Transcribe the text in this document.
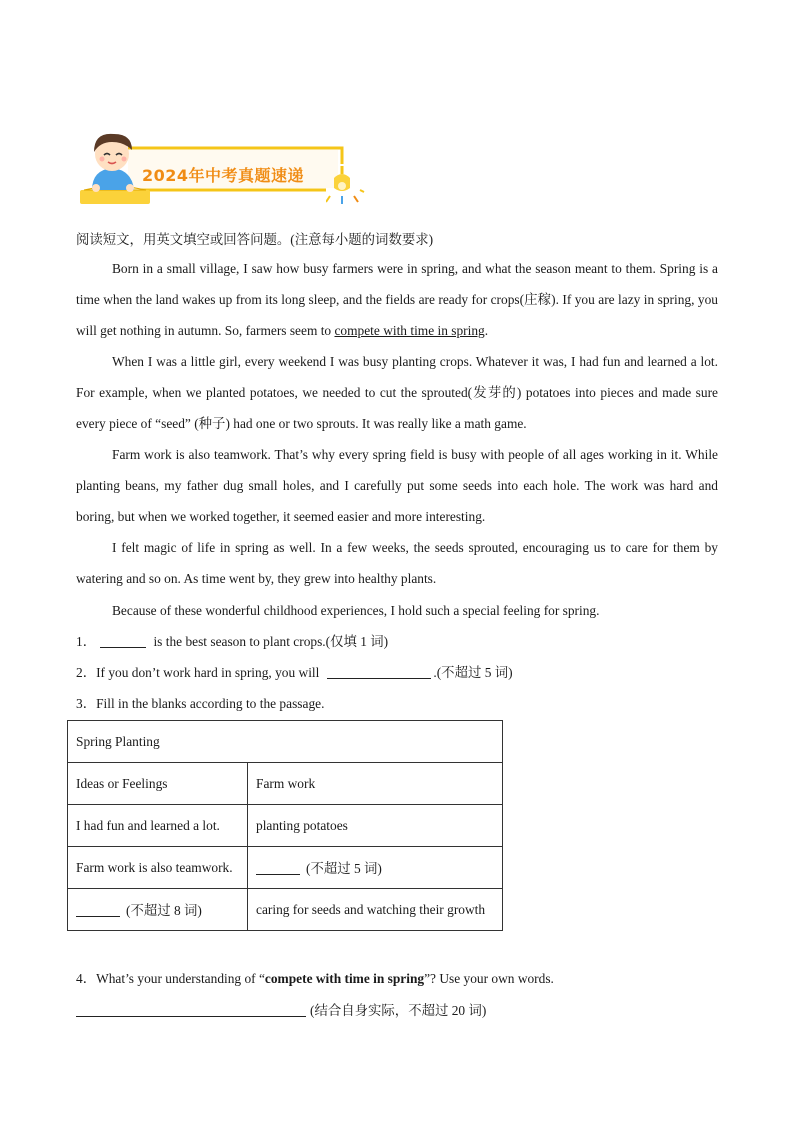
2024年中考真题速递
阅读短文，用英文填空或回答问题。(注意每小题的词数要求)
Born in a small village, I saw how busy farmers were in spring, and what the season meant to them. Spring is a time when the land wakes up from its long sleep, and the fields are ready for crops(庄稼). If you are lazy in spring, you will get nothing in autumn. So, farmers seem to compete with time in spring.
When I was a little girl, every weekend I was busy planting crops. Whatever it was, I had fun and learned a lot. For example, when we planted potatoes, we needed to cut the sprouted(发芽的) potatoes into pieces and made sure every piece of “seed” (种子) had one or two sprouts. It was really like a math game.
Farm work is also teamwork. That’s why every spring field is busy with people of all ages working in it. While planting beans, my father dug small holes, and I carefully put some seeds into each hole. The work was hard and boring, but when we worked together, it seemed easier and more interesting.
I felt magic of life in spring as well. In a few weeks, the seeds sprouted, encouraging us to care for them by watering and so on. As time went by, they grew into healthy plants.
Because of these wonderful childhood experiences, I hold such a special feeling for spring.
1．	is the best season to plant crops.(仅填 1 词)
2．If you don’t work hard in spring, you will	.(不超过 5 词)
3．Fill in the blanks according to the passage.
Spring Planting	
Ideas or Feelings	Farm work
I had fun and learned a lot.	planting potatoes
Farm work is also teamwork.	(不超过 5 词)
(不超过 8 词)	caring for seeds and watching their growth
4．What’s your understanding of “compete with time in spring”? Use your own words.
(结合自身实际，不超过 20 词)
